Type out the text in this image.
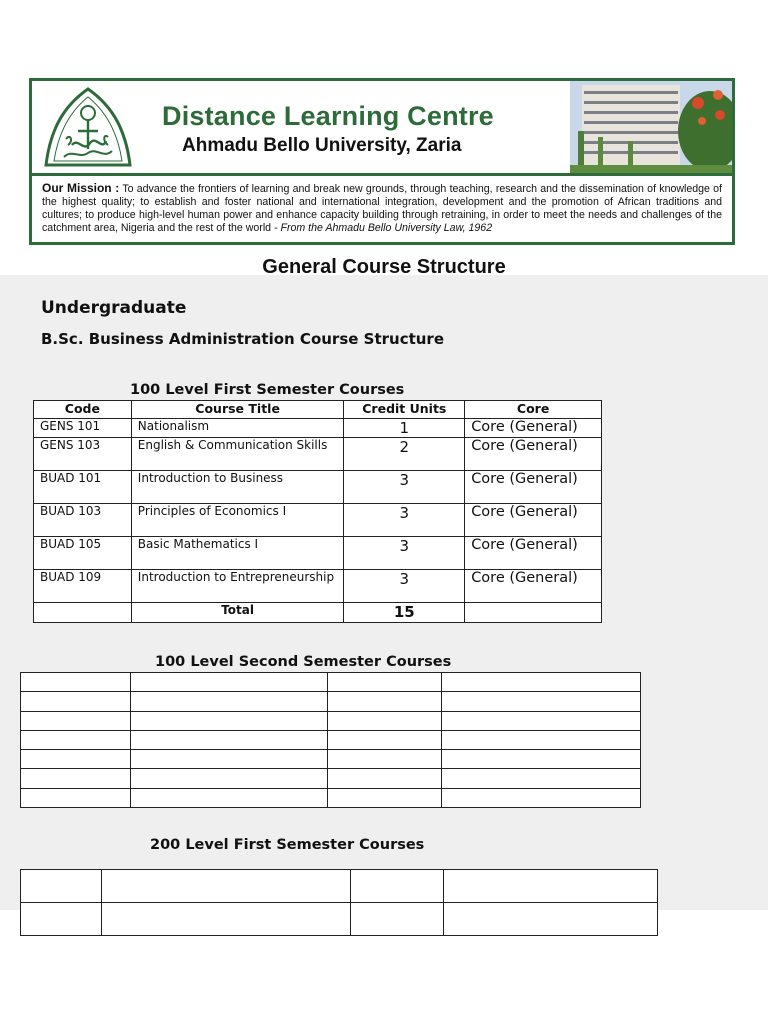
Distance Learning Centre
Ahmadu Bello University, Zaria
Our Mission : To advance the frontiers of learning and break new grounds, through teaching, research and the dissemination of knowledge of the highest quality; to establish and foster national and international integration, development and the promotion of African traditions and cultures; to produce high-level human power and enhance capacity building through retraining, in order to meet the needs and challenges of the catchment area, Nigeria and the rest of the world - From the Ahmadu Bello University Law, 1962
General Course Structure
Undergraduate
B.Sc. Business Administration Course Structure
100 Level First Semester Courses
Code	Course Title	Credit Units	Core
GENS 101	Nationalism	1	Core (General)
GENS 103	English & Communication Skills	2	Core (General)
BUAD 101	Introduction to Business	3	Core (General)
BUAD 103	Principles of Economics I	3	Core (General)
BUAD 105	Basic Mathematics I	3	Core (General)
BUAD 109	Introduction to Entrepreneurship	3	Core (General)
	Total	15	
100 Level Second Semester Courses

200 Level First Semester Courses
